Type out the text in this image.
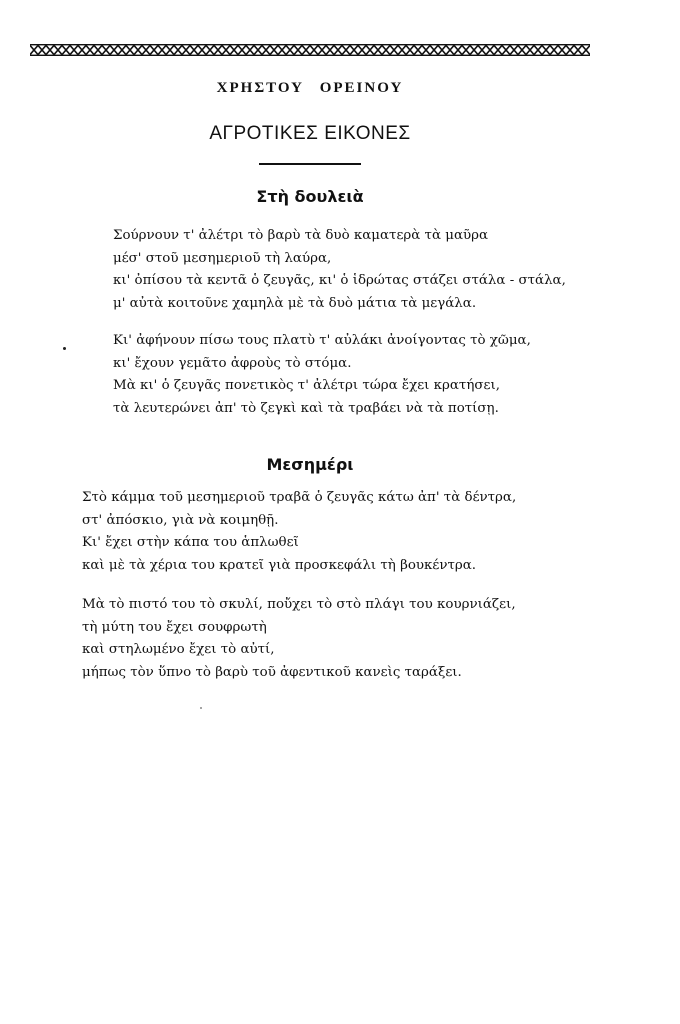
ΧΡΗΣΤΟΥ ΟΡΕΙΝΟΥ
ΑΓΡΟΤΙΚΕΣ ΕΙΚΟΝΕΣ
Στὴ δουλειὰ
Σούρνουν τ' ἀλέτρι τὸ βαρὺ τὰ δυὸ καματερὰ τὰ μαῦρα
μέσ' στοῦ μεσημεριοῦ τὴ λαύρα,
κι' ὀπίσου τὰ κεντᾶ ὁ ζευγᾶς, κι' ὁ ἱδρώτας στάζει στάλα - στάλα,
μ' αὐτὰ κοιτοῦνε χαμηλὰ μὲ τὰ δυὸ μάτια τὰ μεγάλα.
Κι' ἀφήνουν πίσω τους πλατὺ τ' αὐλάκι ἀνοίγοντας τὸ χῶμα,
κι' ἔχουν γεμᾶτο ἀφροὺς τὸ στόμα.
Μὰ κι' ὁ ζευγᾶς πονετικὸς τ' ἀλέτρι τώρα ἔχει κρατήσει,
τὰ λευτερώνει ἀπ' τὸ ζεγκὶ καὶ τὰ τραβάει νὰ τὰ ποτίσῃ.
Μεσημέρι
Στὸ κάμμα τοῦ μεσημεριοῦ τραβᾶ ὁ ζευγᾶς κάτω ἀπ' τὰ δέντρα,
στ' ἀπόσκιο, γιὰ νὰ κοιμηθῇ.
Κι' ἔχει στὴν κάπα του ἁπλωθεῖ
καὶ μὲ τὰ χέρια του κρατεῖ γιὰ προσκεφάλι τὴ βουκέντρα.
Μὰ τὸ πιστό του τὸ σκυλί, ποὔχει τὸ στὸ πλάγι του κουρνιάζει,
τὴ μύτη του ἔχει σουφρωτὴ
καὶ στηλωμένο ἔχει τὸ αὐτί,
μήπως τὸν ὕπνο τὸ βαρὺ τοῦ ἀφεντικοῦ κανεὶς ταράξει.
